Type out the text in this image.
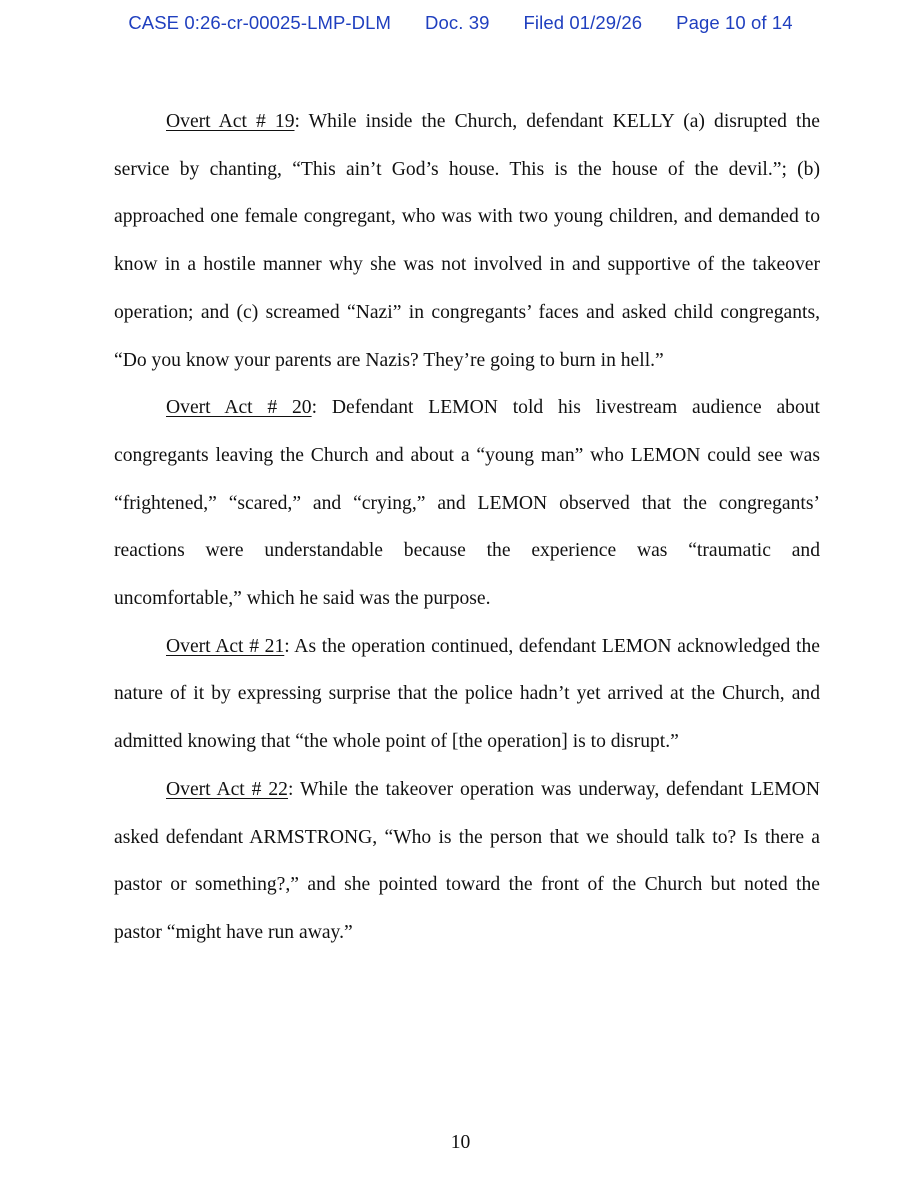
CASE 0:26-cr-00025-LMP-DLM Doc. 39 Filed 01/29/26 Page 10 of 14

Overt Act # 19: While inside the Church, defendant KELLY (a) disrupted the service by chanting, “This ain’t God’s house. This is the house of the devil.”; (b) approached one female congregant, who was with two young children, and demanded to know in a hostile manner why she was not involved in and supportive of the takeover operation; and (c) screamed “Nazi” in congregants’ faces and asked child congregants, “Do you know your parents are Nazis? They’re going to burn in hell.”

Overt Act # 20: Defendant LEMON told his livestream audience about congregants leaving the Church and about a “young man” who LEMON could see was “frightened,” “scared,” and “crying,” and LEMON observed that the congregants’ reactions were understandable because the experience was “traumatic and uncomfortable,” which he said was the purpose.

Overt Act # 21: As the operation continued, defendant LEMON acknowledged the nature of it by expressing surprise that the police hadn’t yet arrived at the Church, and admitted knowing that “the whole point of [the operation] is to disrupt.”

Overt Act # 22: While the takeover operation was underway, defendant LEMON asked defendant ARMSTRONG, “Who is the person that we should talk to? Is there a pastor or something?,” and she pointed toward the front of the Church but noted the pastor “might have run away.”

10
